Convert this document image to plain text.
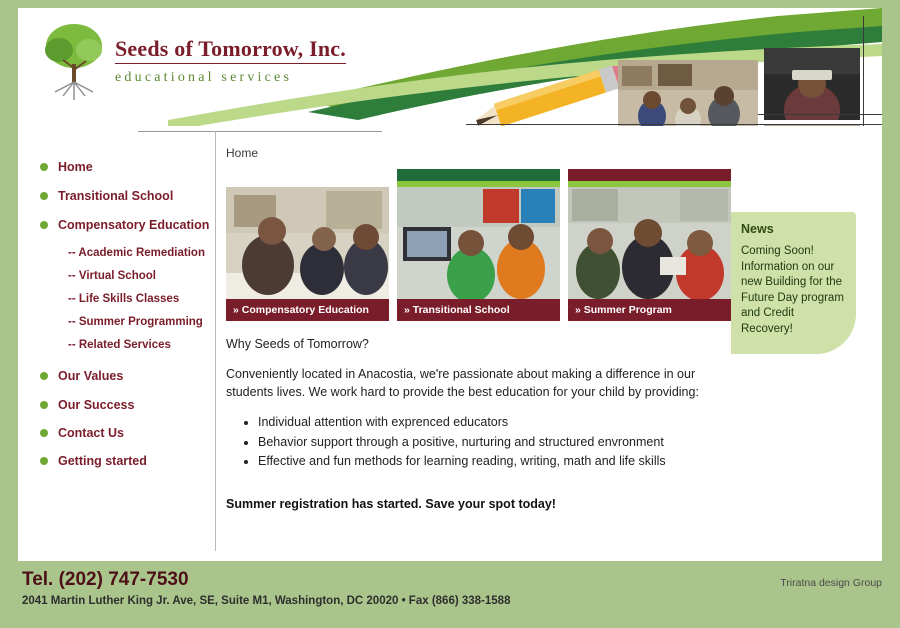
Seeds of Tomorrow, Inc.
educational services
Home
Transitional School
Compensatory Education
-- Academic Remediation
-- Virtual School
-- Life Skills Classes
-- Summer Programming
-- Related Services
Our Values
Our Success
Contact Us
Getting started
Home
» Compensatory Education	» Transitional School	» Summer Program
Why Seeds of Tomorrow?
Conveniently located in Anacostia, we're passionate about making a difference in our students lives. We work hard to provide the best education for your child by providing:
• Individual attention with exprenced educators
• Behavior support through a positive, nurturing and structured envronment
• Effective and fun methods for learning reading, writing, math and life skills
Summer registration has started. Save your spot today!
News
Coming Soon! Information on our new Building for the Future Day program and Credit Recovery!
Tel. (202) 747-7530
2041 Martin Luther King Jr. Ave, SE, Suite M1, Washington, DC 20020 • Fax (866) 338-1588
Triratna design Group
